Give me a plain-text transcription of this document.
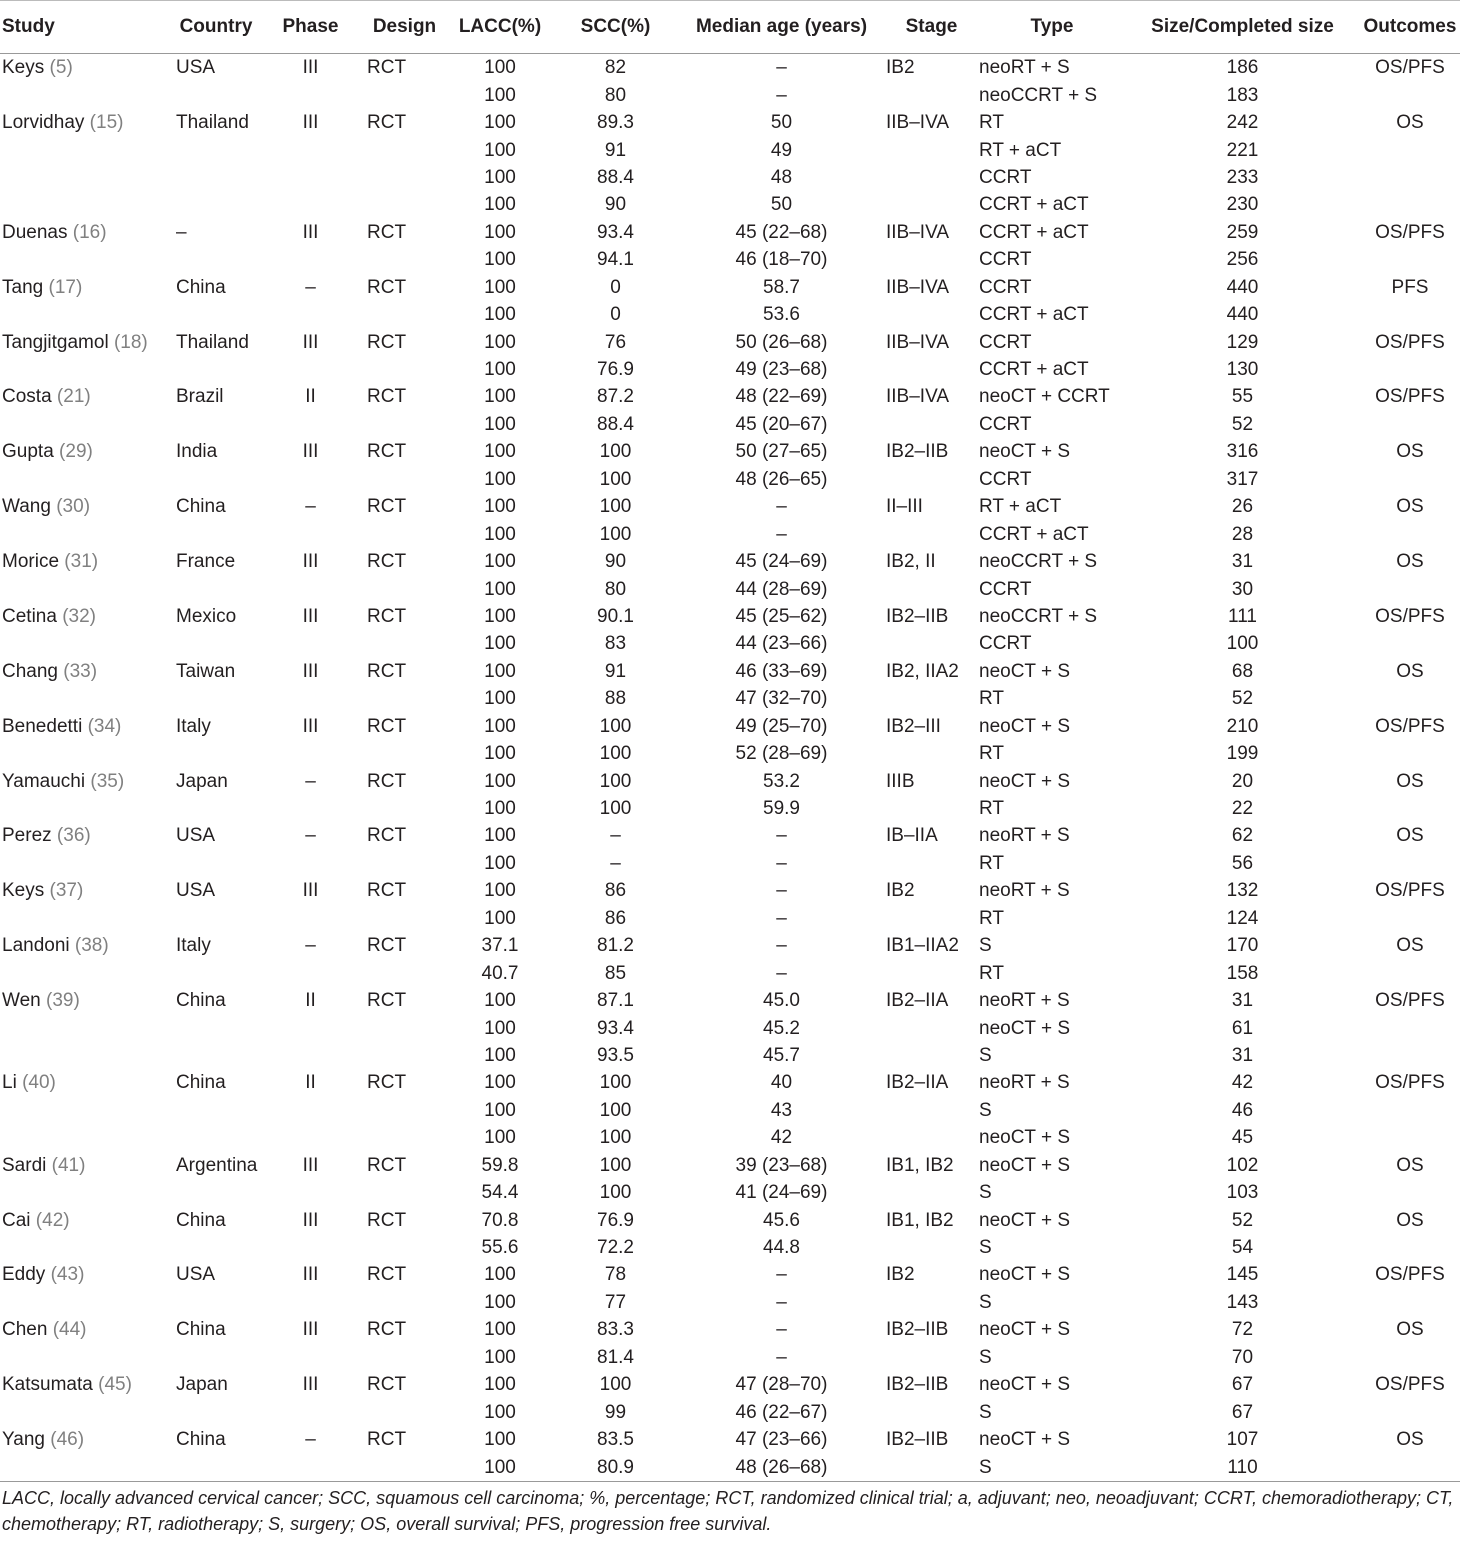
Study	Country	Phase	Design	LACC(%)	SCC(%)	Median age (years)	Stage	Type	Size/Completed size	Outcomes
Keys (5)	USA	III	RCT	100	82	–	IB2	neoRT + S	186	OS/PFS
				100	80	–		neoCCRT + S	183	
Lorvidhay (15)	Thailand	III	RCT	100	89.3	50	IIB–IVA	RT	242	OS
				100	91	49		RT + aCT	221	
				100	88.4	48		CCRT	233	
				100	90	50		CCRT + aCT	230	
Duenas (16)	–	III	RCT	100	93.4	45 (22–68)	IIB–IVA	CCRT + aCT	259	OS/PFS
				100	94.1	46 (18–70)		CCRT	256	
Tang (17)	China	–	RCT	100	0	58.7	IIB–IVA	CCRT	440	PFS
				100	0	53.6		CCRT + aCT	440	
Tangjitgamol (18)	Thailand	III	RCT	100	76	50 (26–68)	IIB–IVA	CCRT	129	OS/PFS
				100	76.9	49 (23–68)		CCRT + aCT	130	
Costa (21)	Brazil	II	RCT	100	87.2	48 (22–69)	IIB–IVA	neoCT + CCRT	55	OS/PFS
				100	88.4	45 (20–67)		CCRT	52	
Gupta (29)	India	III	RCT	100	100	50 (27–65)	IB2–IIB	neoCT + S	316	OS
				100	100	48 (26–65)		CCRT	317	
Wang (30)	China	–	RCT	100	100	–	II–III	RT + aCT	26	OS
				100	100	–		CCRT + aCT	28	
Morice (31)	France	III	RCT	100	90	45 (24–69)	IB2, II	neoCCRT + S	31	OS
				100	80	44 (28–69)		CCRT	30	
Cetina (32)	Mexico	III	RCT	100	90.1	45 (25–62)	IB2–IIB	neoCCRT + S	111	OS/PFS
				100	83	44 (23–66)		CCRT	100	
Chang (33)	Taiwan	III	RCT	100	91	46 (33–69)	IB2, IIA2	neoCT + S	68	OS
				100	88	47 (32–70)		RT	52	
Benedetti (34)	Italy	III	RCT	100	100	49 (25–70)	IB2–III	neoCT + S	210	OS/PFS
				100	100	52 (28–69)		RT	199	
Yamauchi (35)	Japan	–	RCT	100	100	53.2	IIIB	neoCT + S	20	OS
				100	100	59.9		RT	22	
Perez (36)	USA	–	RCT	100	–	–	IB–IIA	neoRT + S	62	OS
				100	–	–		RT	56	
Keys (37)	USA	III	RCT	100	86	–	IB2	neoRT + S	132	OS/PFS
				100	86	–		RT	124	
Landoni (38)	Italy	–	RCT	37.1	81.2	–	IB1–IIA2	S	170	OS
				40.7	85	–		RT	158	
Wen (39)	China	II	RCT	100	87.1	45.0	IB2–IIA	neoRT + S	31	OS/PFS
				100	93.4	45.2		neoCT + S	61	
				100	93.5	45.7		S	31	
Li (40)	China	II	RCT	100	100	40	IB2–IIA	neoRT + S	42	OS/PFS
				100	100	43		S	46	
				100	100	42		neoCT + S	45	
Sardi (41)	Argentina	III	RCT	59.8	100	39 (23–68)	IB1, IB2	neoCT + S	102	OS
				54.4	100	41 (24–69)		S	103	
Cai (42)	China	III	RCT	70.8	76.9	45.6	IB1, IB2	neoCT + S	52	OS
				55.6	72.2	44.8		S	54	
Eddy (43)	USA	III	RCT	100	78	–	IB2	neoCT + S	145	OS/PFS
				100	77	–		S	143	
Chen (44)	China	III	RCT	100	83.3	–	IB2–IIB	neoCT + S	72	OS
				100	81.4	–		S	70	
Katsumata (45)	Japan	III	RCT	100	100	47 (28–70)	IB2–IIB	neoCT + S	67	OS/PFS
				100	99	46 (22–67)		S	67	
Yang (46)	China	–	RCT	100	83.5	47 (23–66)	IB2–IIB	neoCT + S	107	OS
				100	80.9	48 (26–68)		S	110	
LACC, locally advanced cervical cancer; SCC, squamous cell carcinoma; %, percentage; RCT, randomized clinical trial; a, adjuvant; neo, neoadjuvant; CCRT, chemoradiotherapy; CT, chemotherapy; RT, radiotherapy; S, surgery; OS, overall survival; PFS, progression free survival.
